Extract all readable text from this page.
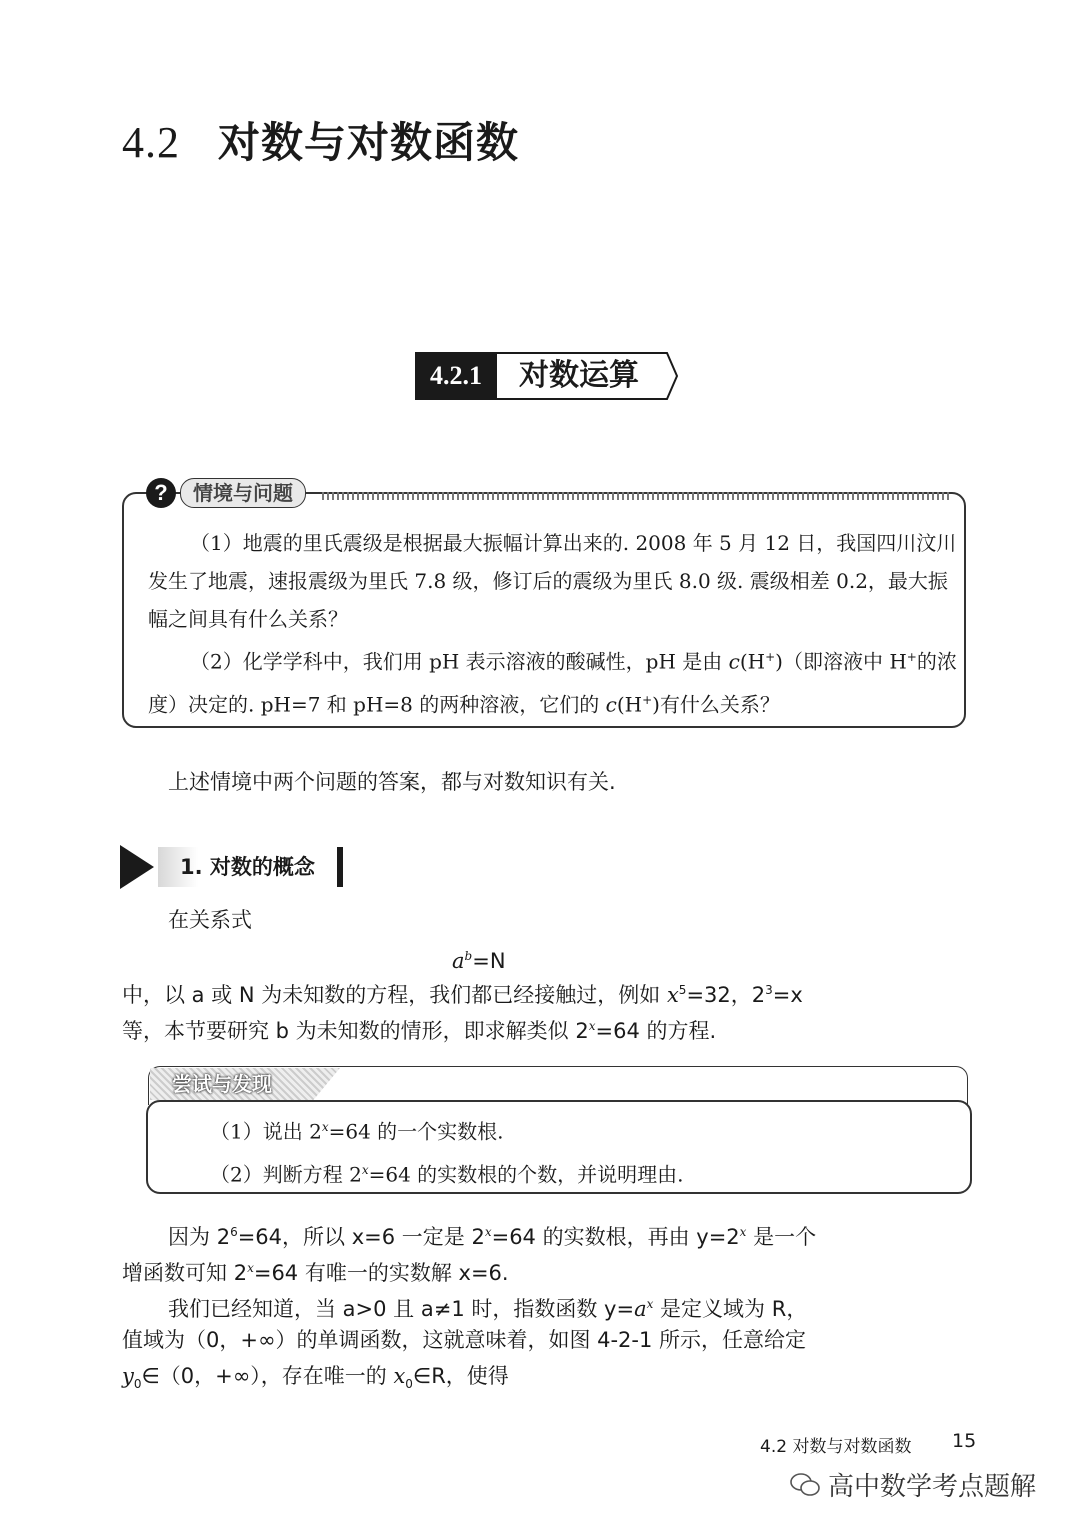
4.2 对数与对数函数
4.2.1	对数运算
?	情境与问题

（1）地震的里氏震级是根据最大振幅计算出来的. 2008 年 5 月 12 日，我国四川汶川发生了地震，速报震级为里氏 7.8 级，修订后的震级为里氏 8.0 级. 震级相差 0.2，最大振幅之间具有什么关系？

（2）化学学科中，我们用 pH 表示溶液的酸碱性，pH 是由 c(H+)（即溶液中 H+的浓度）决定的. pH=7 和 pH=8 的两种溶液，它们的 c(H+)有什么关系？

上述情境中两个问题的答案，都与对数知识有关.
1. 对数的概念
在关系式
$a^b=N$
中，以 a 或 N 为未知数的方程，我们都已经接触过，例如 $x^5=32$，$2^3=x$
等，本节要研究 b 为未知数的情形，即求解类似 $2^x=64$ 的方程.
尝试与发现

（1）说出 $2^x=64$ 的一个实数根.

（2）判断方程 $2^x=64$ 的实数根的个数，并说明理由.

因为 $2^6=64$，所以 x=6 一定是 $2^x=64$ 的实数根，再由 $y=2^x$ 是一个
增函数可知 $2^x=64$ 有唯一的实数解 x=6.
我们已经知道，当 a>0 且 a≠1 时，指数函数 $y=a^x$ 是定义域为 R，
值域为（0，+∞）的单调函数，这就意味着，如图 4-2-1 所示，任意给定
$y_0\in(0$，+∞），存在唯一的 $x_0\in R$，使得
4.2 对数与对数函数 15
高中数学考点题解
